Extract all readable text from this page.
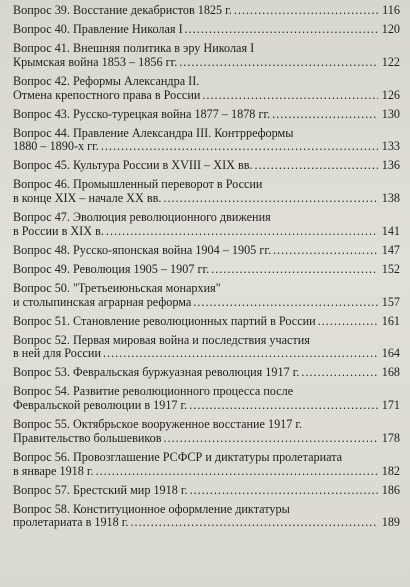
Вопрос 39. Восстание декабристов 1825 г. .....	116
Вопрос 40. Правление Николая I .....	120
Вопрос 41. Внешняя политика в эру Николая I
Крымская война 1853 – 1856 гг. .....	122
Вопрос 42. Реформы Александра II.
Отмена крепостного права в России .....	126
Вопрос 43. Русско-турецкая война 1877 – 1878 гг. .....	130
Вопрос 44. Правление Александра III. Контрреформы
1880 – 1890-х гг. .....	133
Вопрос 45. Культура России в XVIII – XIX вв. .....	136
Вопрос 46. Промышленный переворот в России
в конце XIX – начале XX вв. .....	138
Вопрос 47. Эволюция революционного движения
в России в XIX в. .....	141
Вопрос 48. Русско-японская война 1904 – 1905 гг. .....	147
Вопрос 49. Революция 1905 – 1907 гг. .....	152
Вопрос 50. "Третьеиюньская монархия"
и столыпинская аграрная реформа .....	157
Вопрос 51. Становление революционных партий в России .....	161
Вопрос 52. Первая мировая война и последствия участия
в ней для России .....	164
Вопрос 53. Февральская буржуазная революция 1917 г. .....	168
Вопрос 54. Развитие революционного процесса после
Февральской революции в 1917 г. .....	171
Вопрос 55. Октябрьское вооруженное восстание 1917 г.
Правительство большевиков .....	178
Вопрос 56. Провозглашение РСФСР и диктатуры пролетариата
в январе 1918 г. .....	182
Вопрос 57. Брестский мир 1918 г. .....	186
Вопрос 58. Конституционное оформление диктатуры
пролетариата в 1918 г. .....	189
